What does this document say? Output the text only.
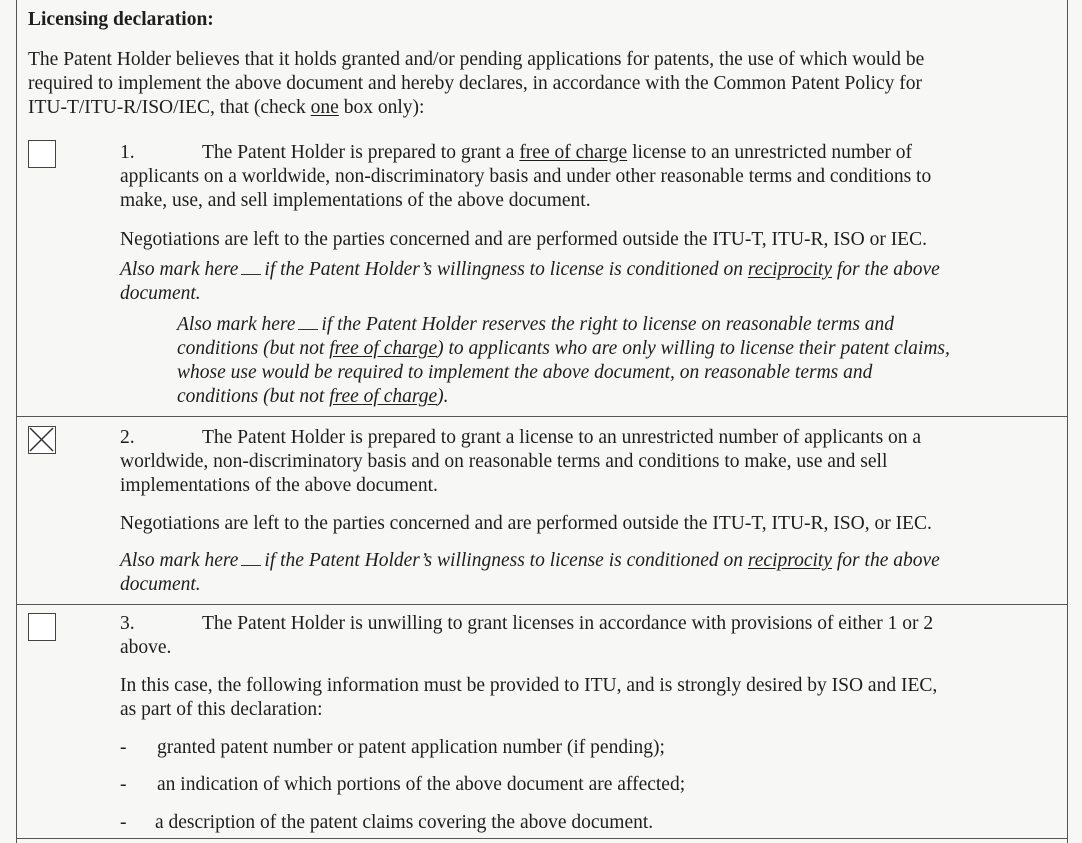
Licensing declaration:
The Patent Holder believes that it holds granted and/or pending applications for patents, the use of which would be
required to implement the above document and hereby declares, in accordance with the Common Patent Policy for
ITU-T/ITU-R/ISO/IEC, that (check one box only):
1.	The Patent Holder is prepared to grant a free of charge license to an unrestricted number of
applicants on a worldwide, non-discriminatory basis and under other reasonable terms and conditions to
make, use, and sell implementations of the above document.
Negotiations are left to the parties concerned and are performed outside the ITU-T, ITU-R, ISO or IEC.
Also mark here if the Patent Holder’s willingness to license is conditioned on reciprocity for the above
document.
Also mark here if the Patent Holder reserves the right to license on reasonable terms and
conditions (but not free of charge) to applicants who are only willing to license their patent claims,
whose use would be required to implement the above document, on reasonable terms and
conditions (but not free of charge).
2.	The Patent Holder is prepared to grant a license to an unrestricted number of applicants on a
worldwide, non-discriminatory basis and on reasonable terms and conditions to make, use and sell
implementations of the above document.
Negotiations are left to the parties concerned and are performed outside the ITU-T, ITU-R, ISO, or IEC.
Also mark here if the Patent Holder’s willingness to license is conditioned on reciprocity for the above
document.
3.	The Patent Holder is unwilling to grant licenses in accordance with provisions of either 1 or 2
above.
In this case, the following information must be provided to ITU, and is strongly desired by ISO and IEC,
as part of this declaration:
- granted patent number or patent application number (if pending);
- an indication of which portions of the above document are affected;
- a description of the patent claims covering the above document.
